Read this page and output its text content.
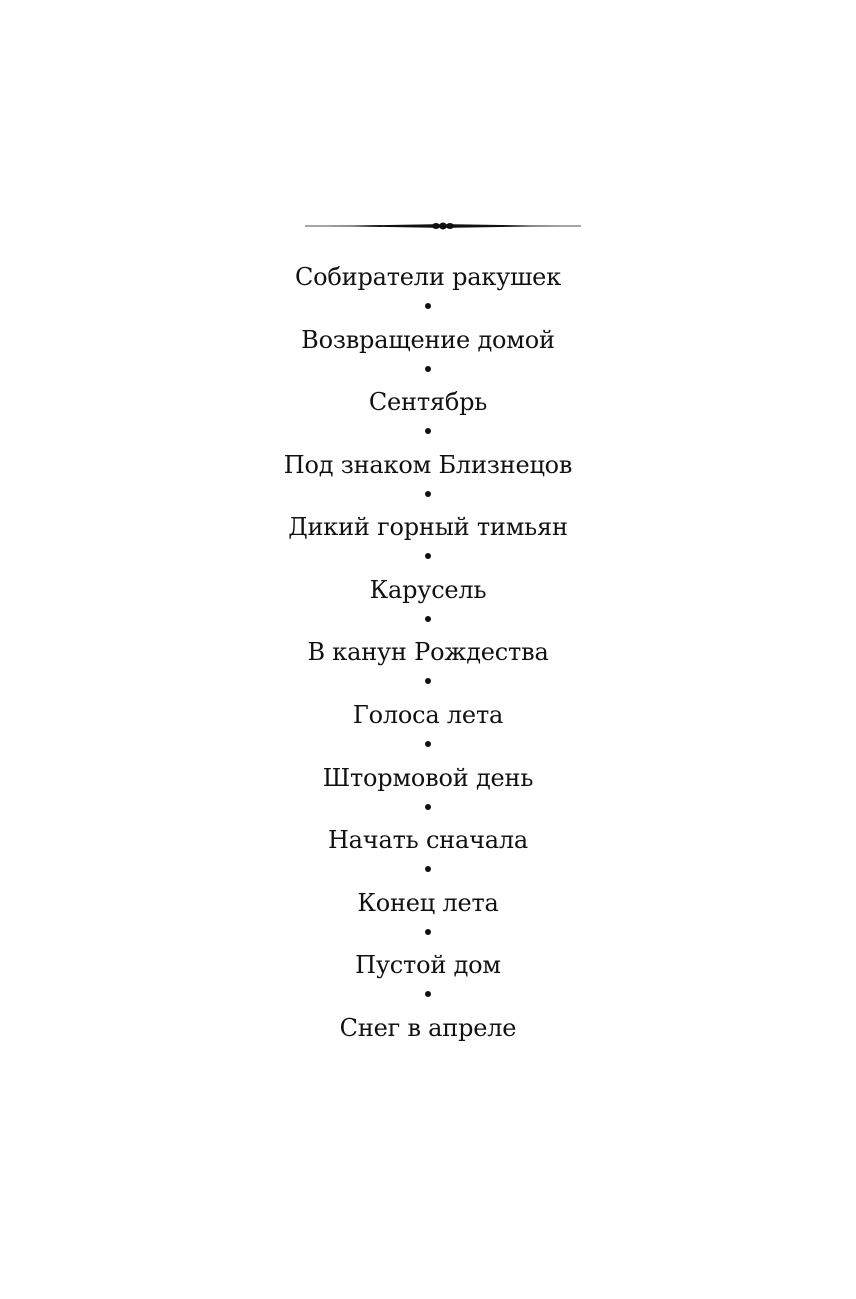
Собиратели ракушек
Возвращение домой
Сентябрь
Под знаком Близнецов
Дикий горный тимьян
Карусель
В канун Рождества
Голоса лета
Штормовой день
Начать сначала
Конец лета
Пустой дом
Снег в апреле
